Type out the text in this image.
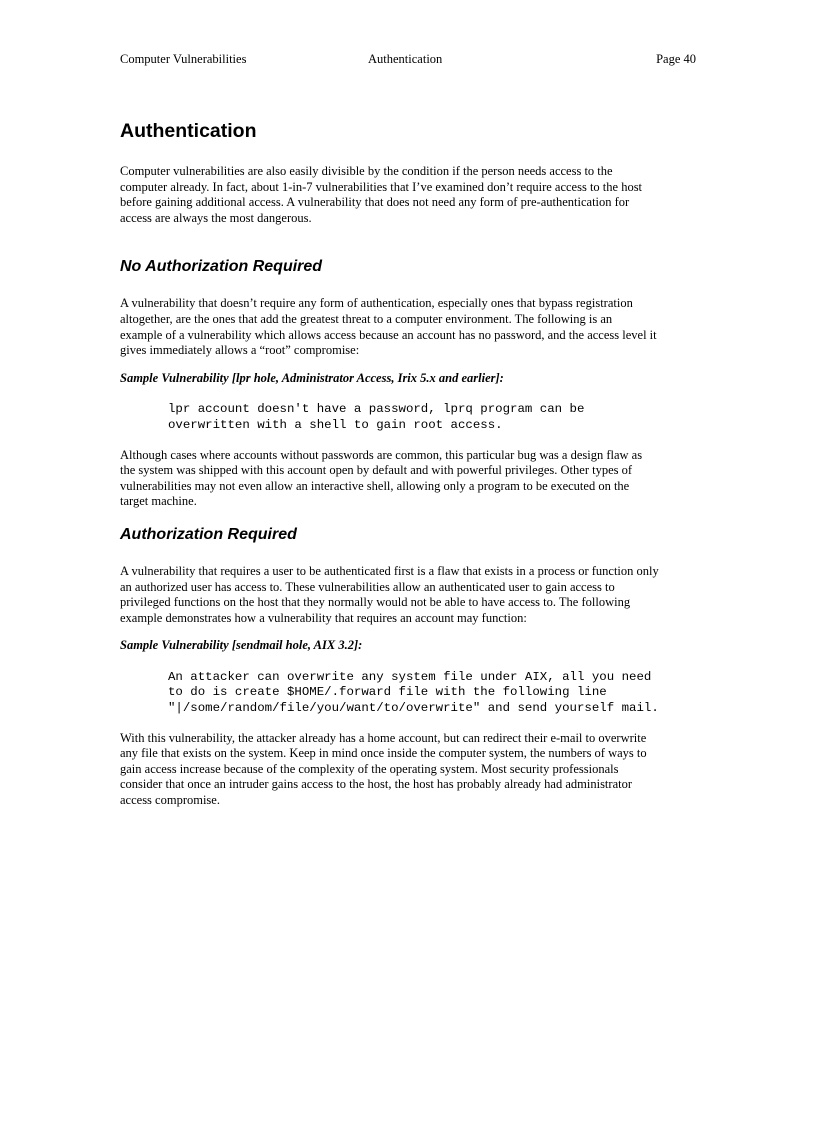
Computer Vulnerabilities	Authentication	Page 40
Authentication

Computer vulnerabilities are also easily divisible by the condition if the person needs access to the
computer already. In fact, about 1-in-7 vulnerabilities that I’ve examined don’t require access to the host
before gaining additional access. A vulnerability that does not need any form of pre-authentication for
access are always the most dangerous.

No Authorization Required

A vulnerability that doesn’t require any form of authentication, especially ones that bypass registration
altogether, are the ones that add the greatest threat to a computer environment. The following is an
example of a vulnerability which allows access because an account has no password, and the access level it
gives immediately allows a “root” compromise:

Sample Vulnerability [lpr hole, Administrator Access, Irix 5.x and earlier]:

lpr account doesn't have a password, lprq program can be
overwritten with a shell to gain root access.

Although cases where accounts without passwords are common, this particular bug was a design flaw as
the system was shipped with this account open by default and with powerful privileges. Other types of
vulnerabilities may not even allow an interactive shell, allowing only a program to be executed on the
target machine.

Authorization Required

A vulnerability that requires a user to be authenticated first is a flaw that exists in a process or function only
an authorized user has access to. These vulnerabilities allow an authenticated user to gain access to
privileged functions on the host that they normally would not be able to have access to. The following
example demonstrates how a vulnerability that requires an account may function:

Sample Vulnerability [sendmail hole, AIX 3.2]:

An attacker can overwrite any system file under AIX, all you need
to do is create $HOME/.forward file with the following line
"|/some/random/file/you/want/to/overwrite" and send yourself mail.

With this vulnerability, the attacker already has a home account, but can redirect their e-mail to overwrite
any file that exists on the system. Keep in mind once inside the computer system, the numbers of ways to
gain access increase because of the complexity of the operating system. Most security professionals
consider that once an intruder gains access to the host, the host has probably already had administrator
access compromise.
